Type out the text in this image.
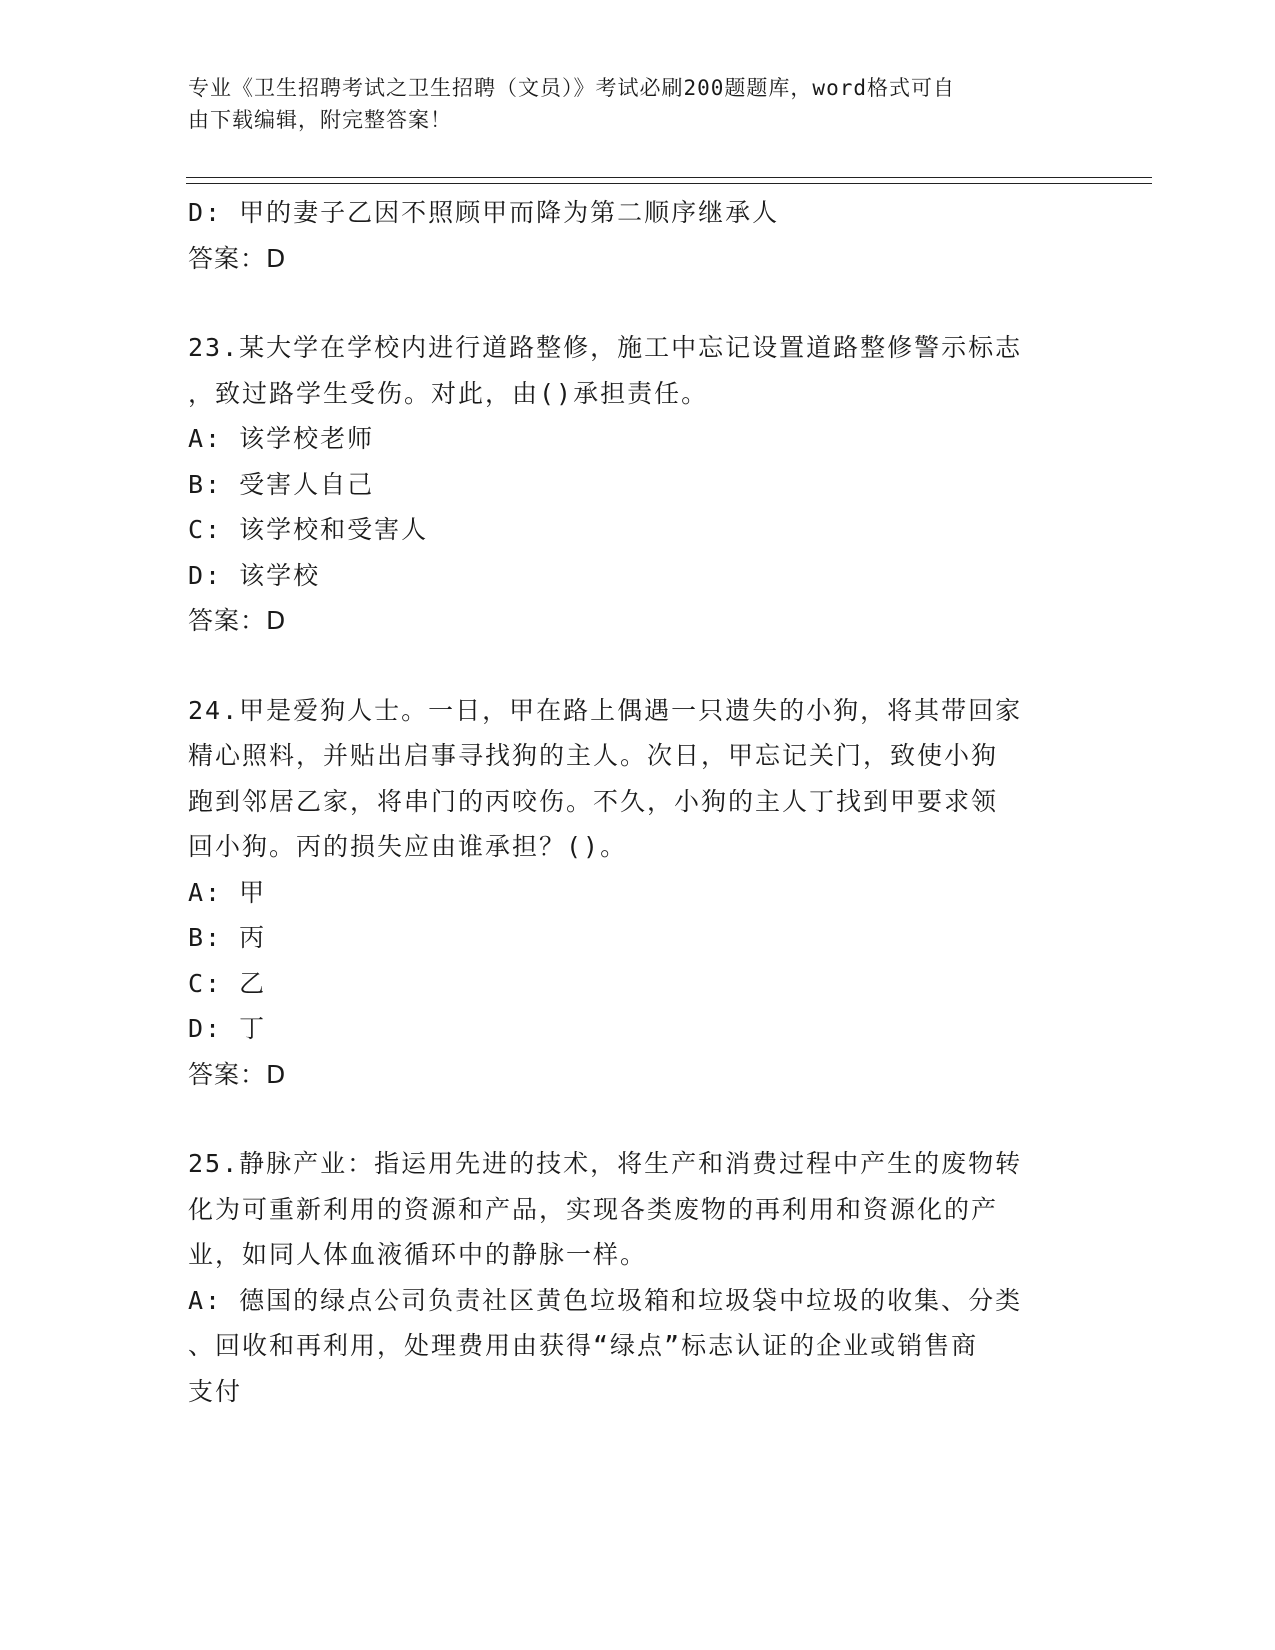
专业《卫生招聘考试之卫生招聘（文员）》考试必刷200题题库，word格式可自
由下载编辑，附完整答案！
D: 甲的妻子乙因不照顾甲而降为第二顺序继承人
答案：D
23.某大学在学校内进行道路整修，施工中忘记设置道路整修警示标志
，致过路学生受伤。对此，由()承担责任。
A: 该学校老师
B: 受害人自己
C: 该学校和受害人
D: 该学校
答案：D
24.甲是爱狗人士。一日，甲在路上偶遇一只遗失的小狗，将其带回家
精心照料，并贴出启事寻找狗的主人。次日，甲忘记关门，致使小狗
跑到邻居乙家，将串门的丙咬伤。不久，小狗的主人丁找到甲要求领
回小狗。丙的损失应由谁承担？()。
A: 甲
B: 丙
C: 乙
D: 丁
答案：D
25.静脉产业：指运用先进的技术，将生产和消费过程中产生的废物转
化为可重新利用的资源和产品，实现各类废物的再利用和资源化的产
业，如同人体血液循环中的静脉一样。
A: 德国的绿点公司负责社区黄色垃圾箱和垃圾袋中垃圾的收集、分类
、回收和再利用，处理费用由获得“绿点”标志认证的企业或销售商
支付
